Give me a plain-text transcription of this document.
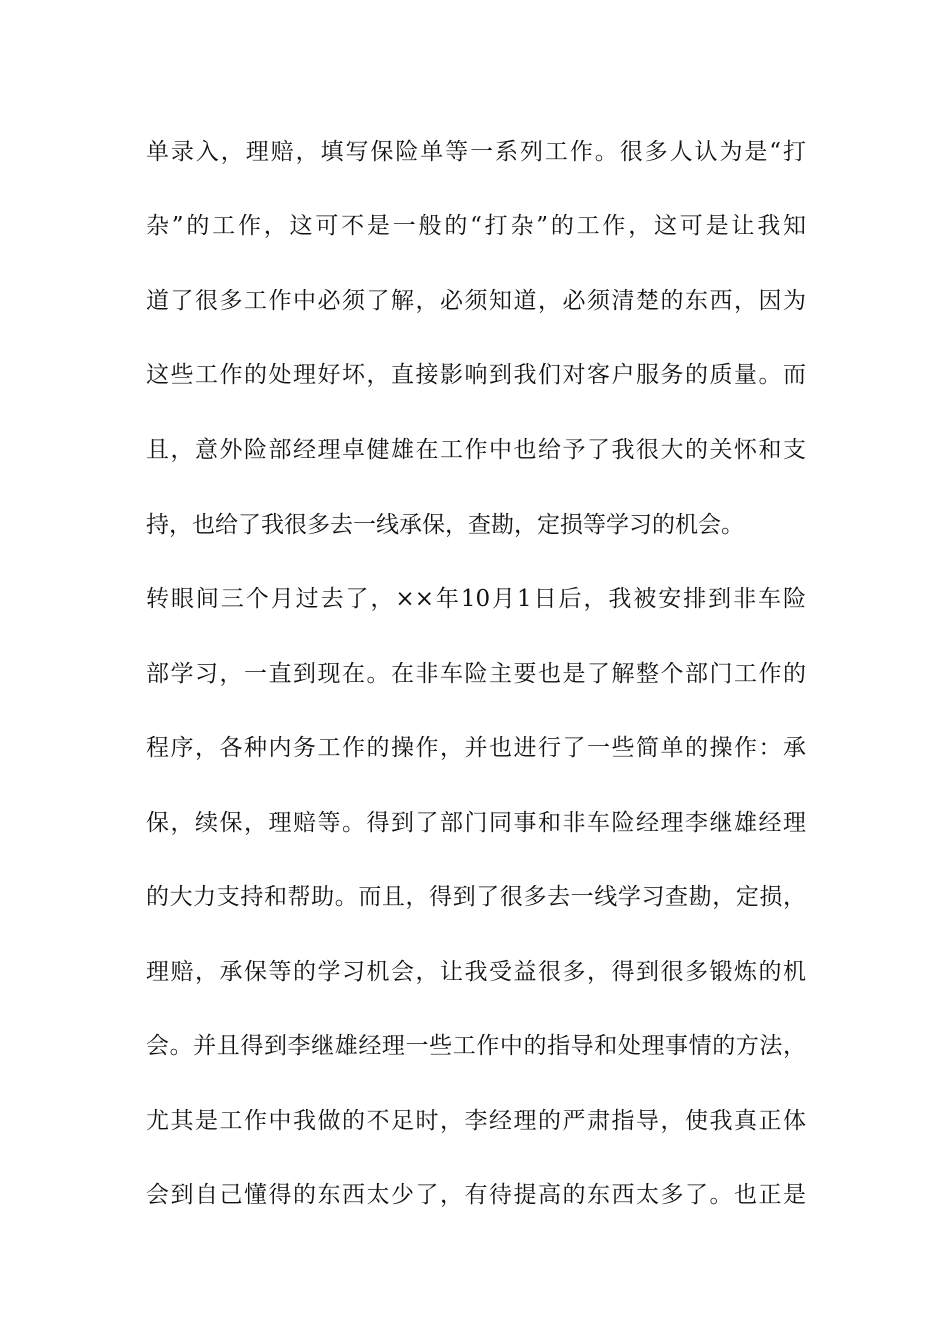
单录入，理赔，填写保险单等一系列工作。很多人认为是“打
杂”的工作，这可不是一般的“打杂”的工作，这可是让我知
道了很多工作中必须了解，必须知道，必须清楚的东西，因为
这些工作的处理好坏，直接影响到我们对客户服务的质量。而
且，意外险部经理卓健雄在工作中也给予了我很大的关怀和支
持，也给了我很多去一线承保，查勘，定损等学习的机会。
转眼间三个月过去了，××年10月1日后，我被安排到非车险
部学习，一直到现在。在非车险主要也是了解整个部门工作的
程序，各种内务工作的操作，并也进行了一些简单的操作：承
保，续保，理赔等。得到了部门同事和非车险经理李继雄经理
的大力支持和帮助。而且，得到了很多去一线学习查勘，定损，
理赔，承保等的学习机会，让我受益很多，得到很多锻炼的机
会。并且得到李继雄经理一些工作中的指导和处理事情的方法，
尤其是工作中我做的不足时，李经理的严肃指导，使我真正体
会到自己懂得的东西太少了，有待提高的东西太多了。也正是
